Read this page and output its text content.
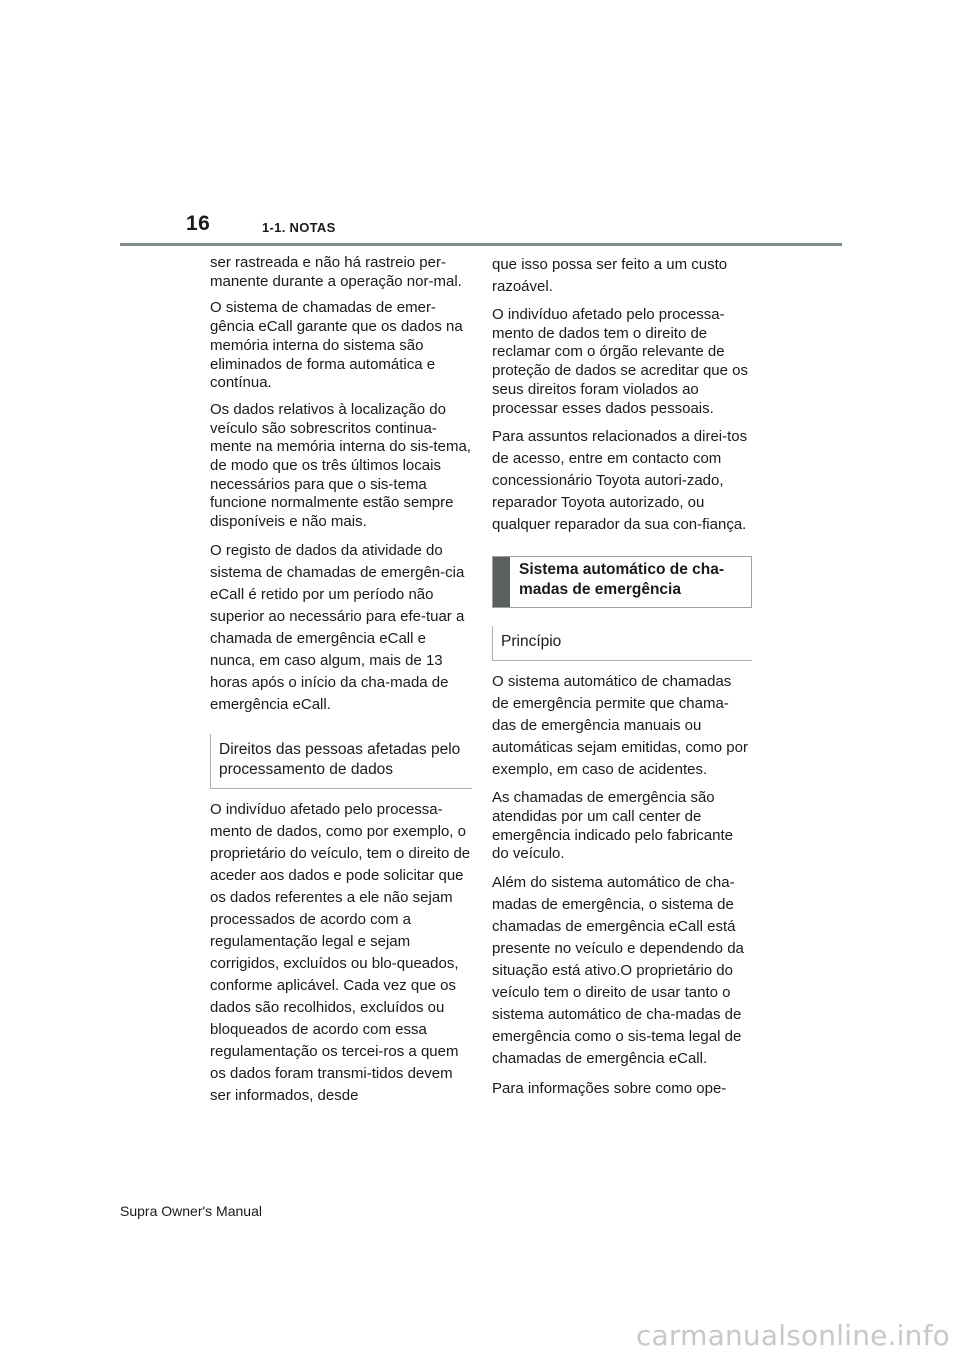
16	1-1. NOTAS

ser rastreada e não há rastreio per-manente durante a operação nor-mal.

O sistema de chamadas de emer-gência eCall garante que os dados na memória interna do sistema são eliminados de forma automática e contínua.

Os dados relativos à localização do veículo são sobrescritos continua-mente na memória interna do sis-tema, de modo que os três últimos locais necessários para que o sis-tema funcione normalmente estão sempre disponíveis e não mais.

O registo de dados da atividade do sistema de chamadas de emergên-cia eCall é retido por um período não superior ao necessário para efe-tuar a chamada de emergência eCall e nunca, em caso algum, mais de 13 horas após o início da cha-mada de emergência eCall.

Direitos das pessoas afetadas pelo processamento de dados

O indivíduo afetado pelo processa-mento de dados, como por exemplo, o proprietário do veículo, tem o direito de aceder aos dados e pode solicitar que os dados referentes a ele não sejam processados de acordo com a regulamentação legal e sejam corrigidos, excluídos ou blo-queados, conforme aplicável. Cada vez que os dados são recolhidos, excluídos ou bloqueados de acordo com essa regulamentação os tercei-ros a quem os dados foram transmi-tidos devem ser informados, desde

que isso possa ser feito a um custo razoável.

O indivíduo afetado pelo processa-mento de dados tem o direito de reclamar com o órgão relevante de proteção de dados se acreditar que os seus direitos foram violados ao processar esses dados pessoais.

Para assuntos relacionados a direi-tos de acesso, entre em contacto com concessionário Toyota autori-zado, reparador Toyota autorizado, ou qualquer reparador da sua con-fiança.

Sistema automático de cha-madas de emergência
Princípio

O sistema automático de chamadas de emergência permite que chama-das de emergência manuais ou automáticas sejam emitidas, como por exemplo, em caso de acidentes.

As chamadas de emergência são atendidas por um call center de emergência indicado pelo fabricante do veículo.

Além do sistema automático de cha-madas de emergência, o sistema de chamadas de emergência eCall está presente no veículo e dependendo da situação está ativo.O proprietário do veículo tem o direito de usar tanto o sistema automático de cha-madas de emergência como o sis-tema legal de chamadas de emergência eCall.

Para informações sobre como ope-

Supra Owner's Manual
carmanualsonline.info
